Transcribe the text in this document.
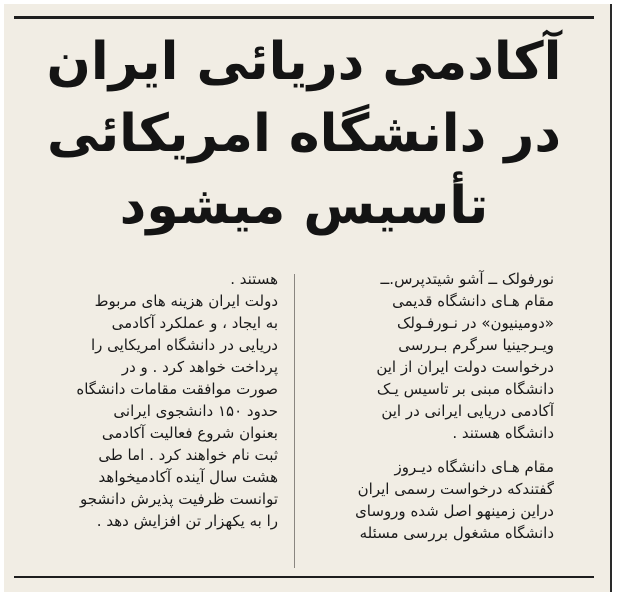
آکادمی دریائی ایران
در دانشگاه امریکائی
تأسیس میشود
نورفولک ــ آشو شیتدپرس.ــ
مقام هـای دانشگاه قدیمی
«دومینیون» در نـورفـولک
ویـرجینیا سرگرم بـررسی
درخواست دولت ایران از این
دانشگاه مبنی بر تاسیس یـک
آکادمی دریایی ایرانی در این
دانشگاه هستند .
مقام هـای دانشگاه دیـروز
گفتندکه درخواست رسمی ایران
دراین زمینهو اصل شده وروسای
دانشگاه مشغول بررسی مسئله
هستند .
دولت ایران هزینه های مربوط
به ایجاد ، و عملکرد آکادمی
دریایی در دانشگاه امریکایی را
پرداخت خواهد کرد . و در
صورت موافقت مقامات دانشگاه
حدود ۱۵۰ دانشجوی ایرانی
بعنوان شروع فعالیت آکادمی
ثبت نام خواهند کرد . اما طی
هشت سال آینده آکادمیخواهد
توانست ظرفیت پذیرش دانشجو
را به یکهزار تن افزایش دهد .
